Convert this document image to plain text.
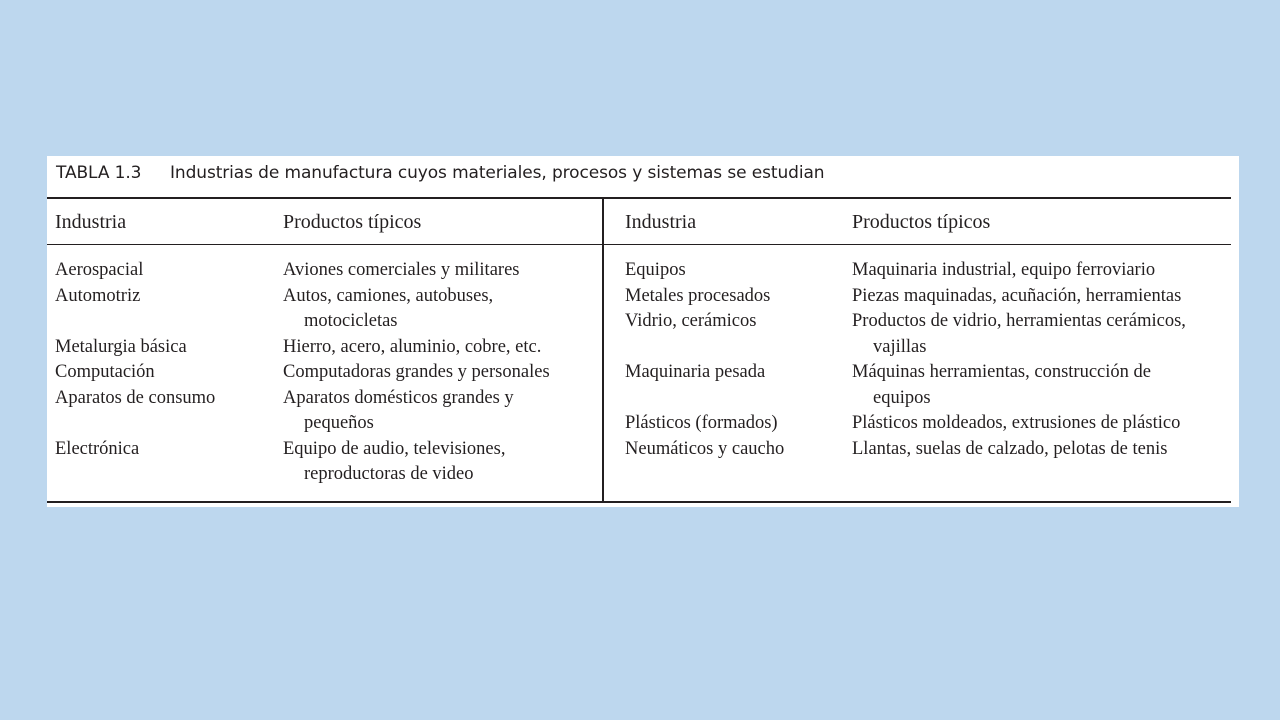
TABLA 1.3 Industrias de manufactura cuyos materiales, procesos y sistemas se estudian
Industria	Productos típicos	Industria	Productos típicos
Aerospacial	Aviones comerciales y militares
Automotriz	Autos, camiones, autobuses,
motocicletas
Metalurgia básica	Hierro, acero, aluminio, cobre, etc.
Computación	Computadoras grandes y personales
Aparatos de consumo	Aparatos domésticos grandes y
pequeños
Electrónica	Equipo de audio, televisiones,
reproductoras de video
Equipos	Maquinaria industrial, equipo ferroviario
Metales procesados	Piezas maquinadas, acuñación, herramientas
Vidrio, cerámicos	Productos de vidrio, herramientas cerámicos,
vajillas
Maquinaria pesada	Máquinas herramientas, construcción de
equipos
Plásticos (formados)	Plásticos moldeados, extrusiones de plástico
Neumáticos y caucho	Llantas, suelas de calzado, pelotas de tenis
